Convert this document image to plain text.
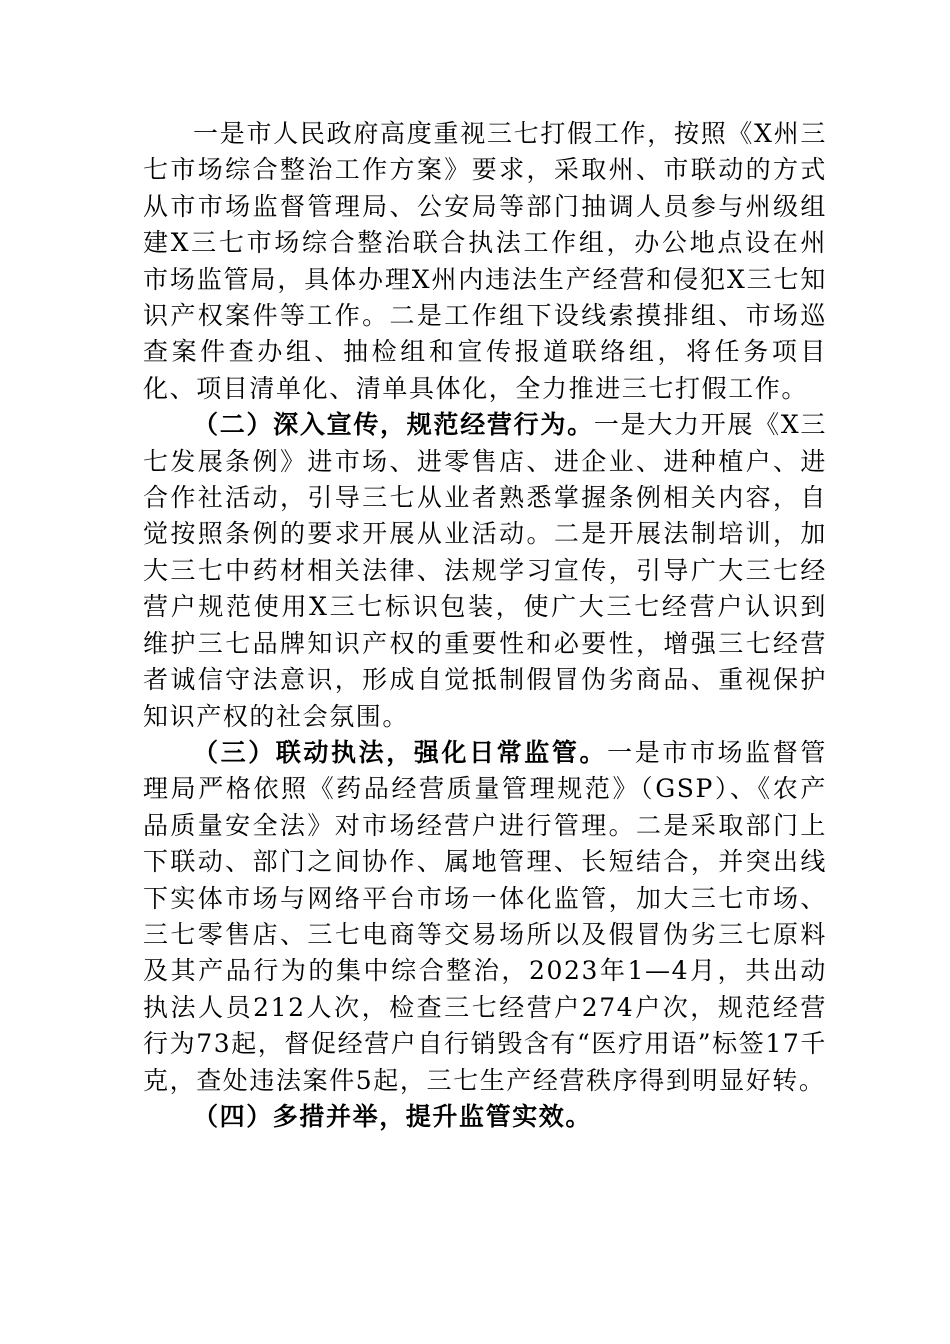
一是市人民政府高度重视三七打假工作，按照《X州三七市场综合整治工作方案》要求，采取州、市联动的方式从市市场监督管理局、公安局等部门抽调人员参与州级组建X三七市场综合整治联合执法工作组，办公地点设在州市场监管局，具体办理X州内违法生产经营和侵犯X三七知识产权案件等工作。二是工作组下设线索摸排组、市场巡查案件查办组、抽检组和宣传报道联络组，将任务项目化、项目清单化、清单具体化，全力推进三七打假工作。

（二）深入宣传，规范经营行为。一是大力开展《X三七发展条例》进市场、进零售店、进企业、进种植户、进合作社活动，引导三七从业者熟悉掌握条例相关内容，自觉按照条例的要求开展从业活动。二是开展法制培训，加大三七中药材相关法律、法规学习宣传，引导广大三七经营户规范使用X三七标识包装，使广大三七经营户认识到维护三七品牌知识产权的重要性和必要性，增强三七经营者诚信守法意识，形成自觉抵制假冒伪劣商品、重视保护知识产权的社会氛围。

（三）联动执法，强化日常监管。一是市市场监督管理局严格依照《药品经营质量管理规范》（GSP）、《农产品质量安全法》对市场经营户进行管理。二是采取部门上下联动、部门之间协作、属地管理、长短结合，并突出线下实体市场与网络平台市场一体化监管，加大三七市场、三七零售店、三七电商等交易场所以及假冒伪劣三七原料及其产品行为的集中综合整治，2023年1—4月，共出动执法人员212人次，检查三七经营户274户次，规范经营行为73起，督促经营户自行销毁含有“医疗用语”标签17千克，查处违法案件5起，三七生产经营秩序得到明显好转。

（四）多措并举，提升监管实效。
